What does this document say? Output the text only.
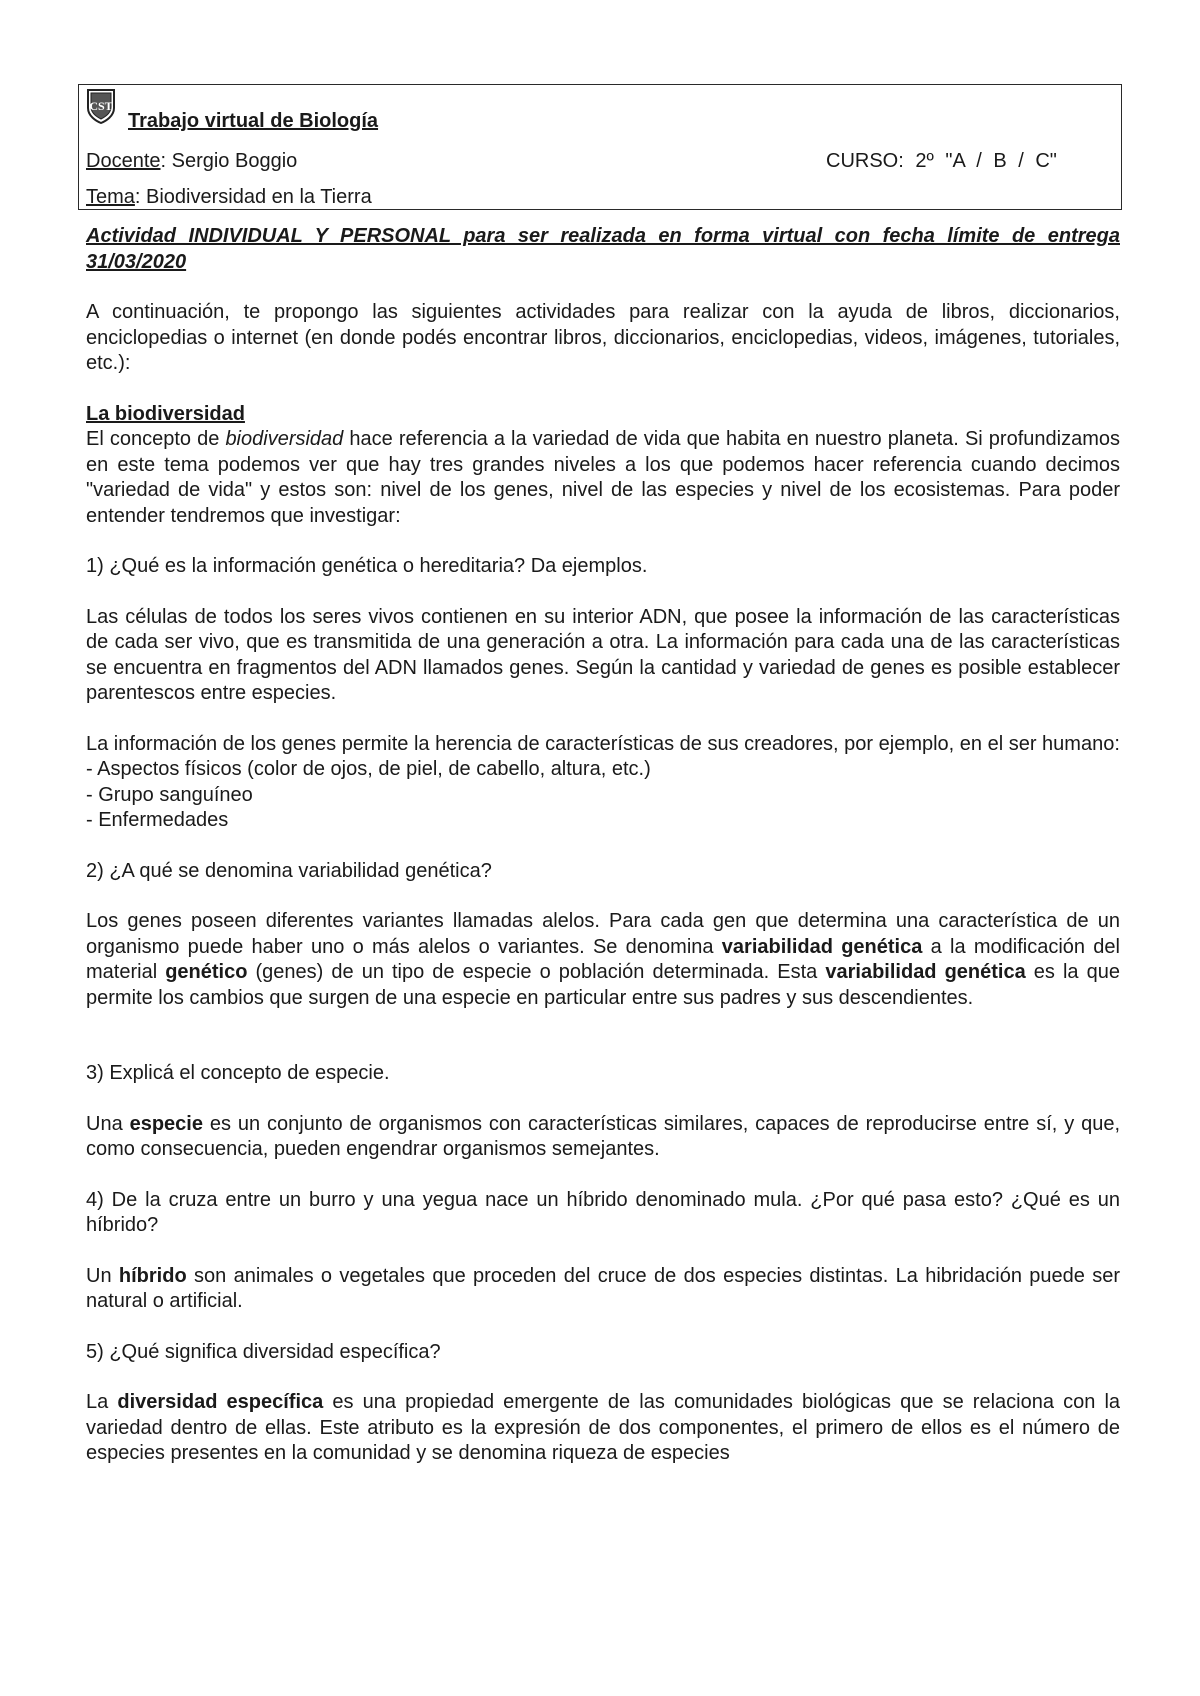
CST
Trabajo virtual de Biología
Docente: Sergio Boggio	CURSO: 2º "A / B / C"
Tema: Biodiversidad en la Tierra

Actividad INDIVIDUAL Y PERSONAL para ser realizada en forma virtual con fecha límite de entrega 31/03/2020

A continuación, te propongo las siguientes actividades para realizar con la ayuda de libros, diccionarios, enciclopedias o internet (en donde podés encontrar libros, diccionarios, enciclopedias, videos, imágenes, tutoriales, etc.):

La biodiversidad

El concepto de biodiversidad hace referencia a la variedad de vida que habita en nuestro planeta. Si profundizamos en este tema podemos ver que hay tres grandes niveles a los que podemos hacer referencia cuando decimos "variedad de vida" y estos son: nivel de los genes, nivel de las especies y nivel de los ecosistemas. Para poder entender tendremos que investigar:

1) ¿Qué es la información genética o hereditaria? Da ejemplos.

Las células de todos los seres vivos contienen en su interior ADN, que posee la información de las características de cada ser vivo, que es transmitida de una generación a otra. La información para cada una de las características se encuentra en fragmentos del ADN llamados genes. Según la cantidad y variedad de genes es posible establecer parentescos entre especies.

La información de los genes permite la herencia de características de sus creadores, por ejemplo, en el ser humano:

- Aspectos físicos (color de ojos, de piel, de cabello, altura, etc.)

- Grupo sanguíneo

- Enfermedades

2) ¿A qué se denomina variabilidad genética?

Los genes poseen diferentes variantes llamadas alelos. Para cada gen que determina una característica de un organismo puede haber uno o más alelos o variantes. Se denomina variabilidad genética a la modificación del material genético (genes) de un tipo de especie o población determinada. Esta variabilidad genética es la que permite los cambios que surgen de una especie en particular entre sus padres y sus descendientes.

3) Explicá el concepto de especie.

Una especie es un conjunto de organismos con características similares, capaces de reproducirse entre sí, y que, como consecuencia, pueden engendrar organismos semejantes.

4) De la cruza entre un burro y una yegua nace un híbrido denominado mula. ¿Por qué pasa esto? ¿Qué es un híbrido?

Un híbrido son animales o vegetales que proceden del cruce de dos especies distintas. La hibridación puede ser natural o artificial.

5) ¿Qué significa diversidad específica?

La diversidad específica es una propiedad emergente de las comunidades biológicas que se relaciona con la variedad dentro de ellas. Este atributo es la expresión de dos componentes, el primero de ellos es el número de especies presentes en la comunidad y se denomina riqueza de especies
